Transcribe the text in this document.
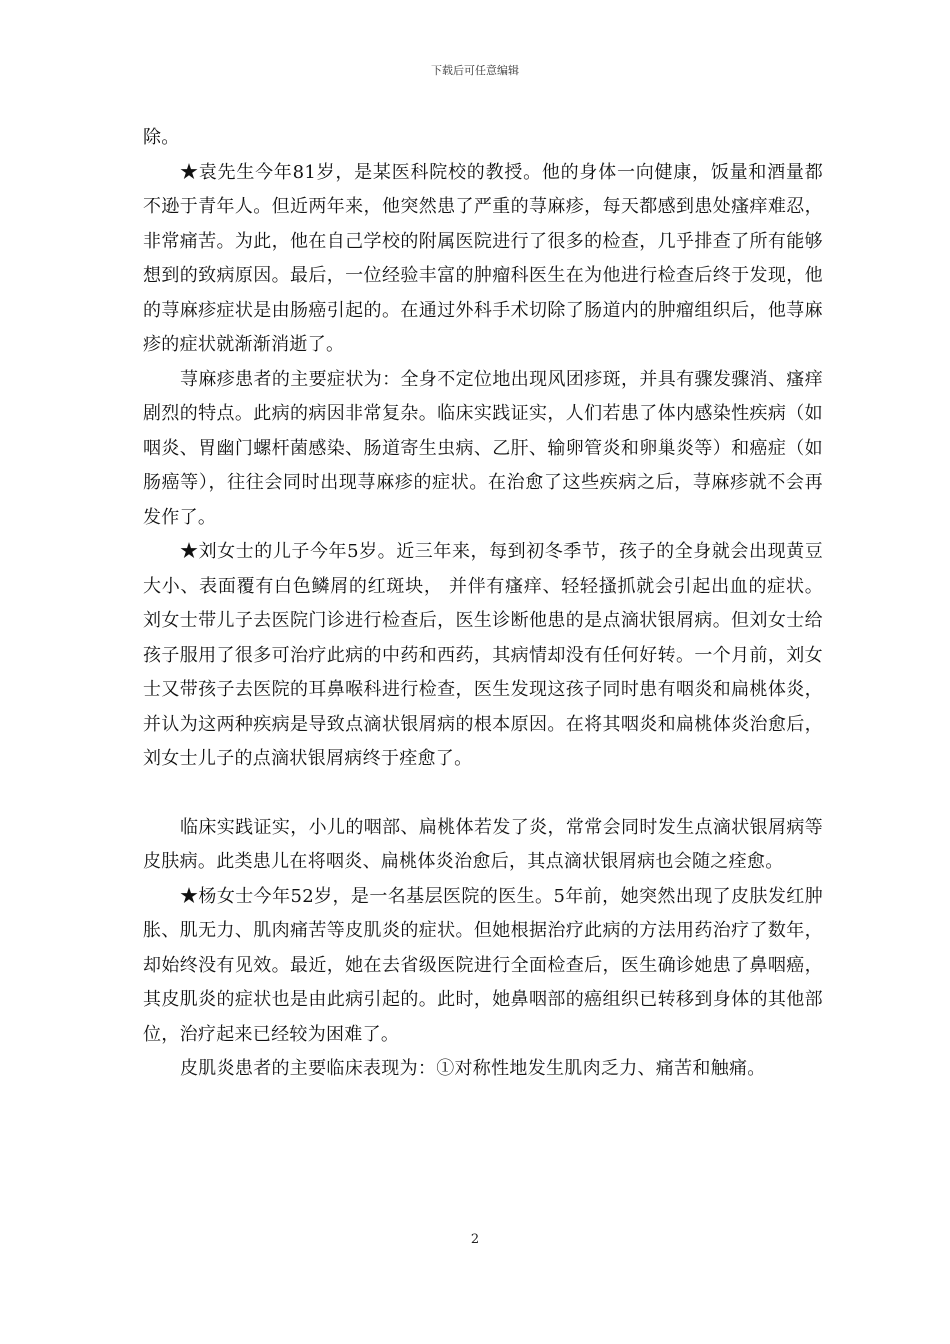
下载后可任意编辑

除。

★袁先生今年81岁，是某医科院校的教授。他的身体一向健康，饭量和酒量都不逊于青年人。但近两年来，他突然患了严重的荨麻疹，每天都感到患处瘙痒难忍，非常痛苦。为此，他在自己学校的附属医院进行了很多的检查，几乎排查了所有能够想到的致病原因。最后，一位经验丰富的肿瘤科医生在为他进行检查后终于发现，他的荨麻疹症状是由肠癌引起的。在通过外科手术切除了肠道内的肿瘤组织后，他荨麻疹的症状就渐渐消逝了。

荨麻疹患者的主要症状为：全身不定位地出现风团疹斑，并具有骤发骤消、瘙痒剧烈的特点。此病的病因非常复杂。临床实践证实，人们若患了体内感染性疾病（如咽炎、胃幽门螺杆菌感染、肠道寄生虫病、乙肝、输卵管炎和卵巢炎等）和癌症（如肠癌等），往往会同时出现荨麻疹的症状。在治愈了这些疾病之后，荨麻疹就不会再发作了。

★刘女士的儿子今年5岁。近三年来，每到初冬季节，孩子的全身就会出现黄豆大小、表面覆有白色鳞屑的红斑块， 并伴有瘙痒、轻轻搔抓就会引起出血的症状。刘女士带儿子去医院门诊进行检查后，医生诊断他患的是点滴状银屑病。但刘女士给孩子服用了很多可治疗此病的中药和西药，其病情却没有任何好转。一个月前，刘女士又带孩子去医院的耳鼻喉科进行检查，医生发现这孩子同时患有咽炎和扁桃体炎，并认为这两种疾病是导致点滴状银屑病的根本原因。在将其咽炎和扁桃体炎治愈后，刘女士儿子的点滴状银屑病终于痊愈了。

临床实践证实，小儿的咽部、扁桃体若发了炎，常常会同时发生点滴状银屑病等皮肤病。此类患儿在将咽炎、扁桃体炎治愈后，其点滴状银屑病也会随之痊愈。

★杨女士今年52岁，是一名基层医院的医生。5年前，她突然出现了皮肤发红肿胀、肌无力、肌肉痛苦等皮肌炎的症状。但她根据治疗此病的方法用药治疗了数年，却始终没有见效。最近，她在去省级医院进行全面检查后，医生确诊她患了鼻咽癌，其皮肌炎的症状也是由此病引起的。此时，她鼻咽部的癌组织已转移到身体的其他部位，治疗起来已经较为困难了。

皮肌炎患者的主要临床表现为：①对称性地发生肌肉乏力、痛苦和触痛。

2
